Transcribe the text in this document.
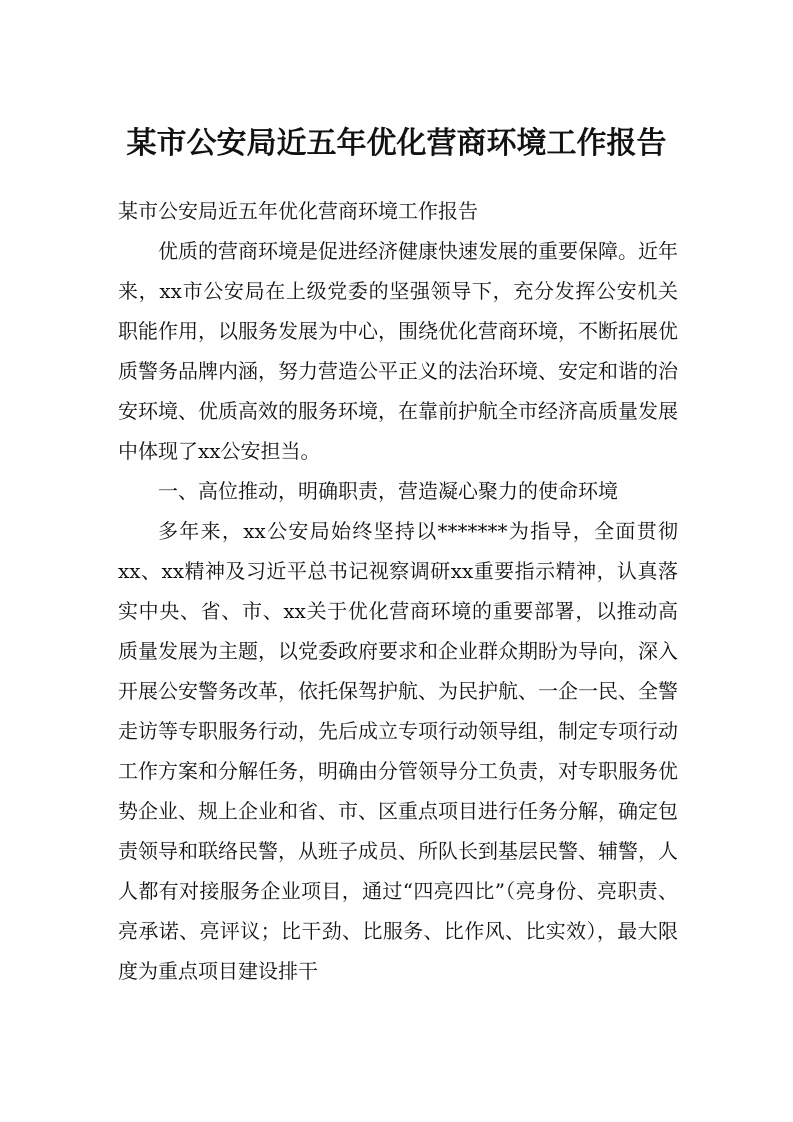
某市公安局近五年优化营商环境工作报告

某市公安局近五年优化营商环境工作报告

优质的营商环境是促进经济健康快速发展的重要保障。近年来，xx市公安局在上级党委的坚强领导下，充分发挥公安机关职能作用，以服务发展为中心，围绕优化营商环境，不断拓展优质警务品牌内涵，努力营造公平正义的法治环境、安定和谐的治安环境、优质高效的服务环境，在靠前护航全市经济高质量发展中体现了xx公安担当。

一、高位推动，明确职责，营造凝心聚力的使命环境

多年来，xx公安局始终坚持以*******为指导，全面贯彻xx、xx精神及习近平总书记视察调研xx重要指示精神，认真落实中央、省、市、xx关于优化营商环境的重要部署，以推动高质量发展为主题，以党委政府要求和企业群众期盼为导向，深入开展公安警务改革，依托保驾护航、为民护航、一企一民、全警走访等专职服务行动，先后成立专项行动领导组，制定专项行动工作方案和分解任务，明确由分管领导分工负责，对专职服务优势企业、规上企业和省、市、区重点项目进行任务分解，确定包责领导和联络民警，从班子成员、所队长到基层民警、辅警，人人都有对接服务企业项目，通过“四亮四比”（亮身份、亮职责、亮承诺、亮评议；比干劲、比服务、比作风、比实效），最大限度为重点项目建设排干
